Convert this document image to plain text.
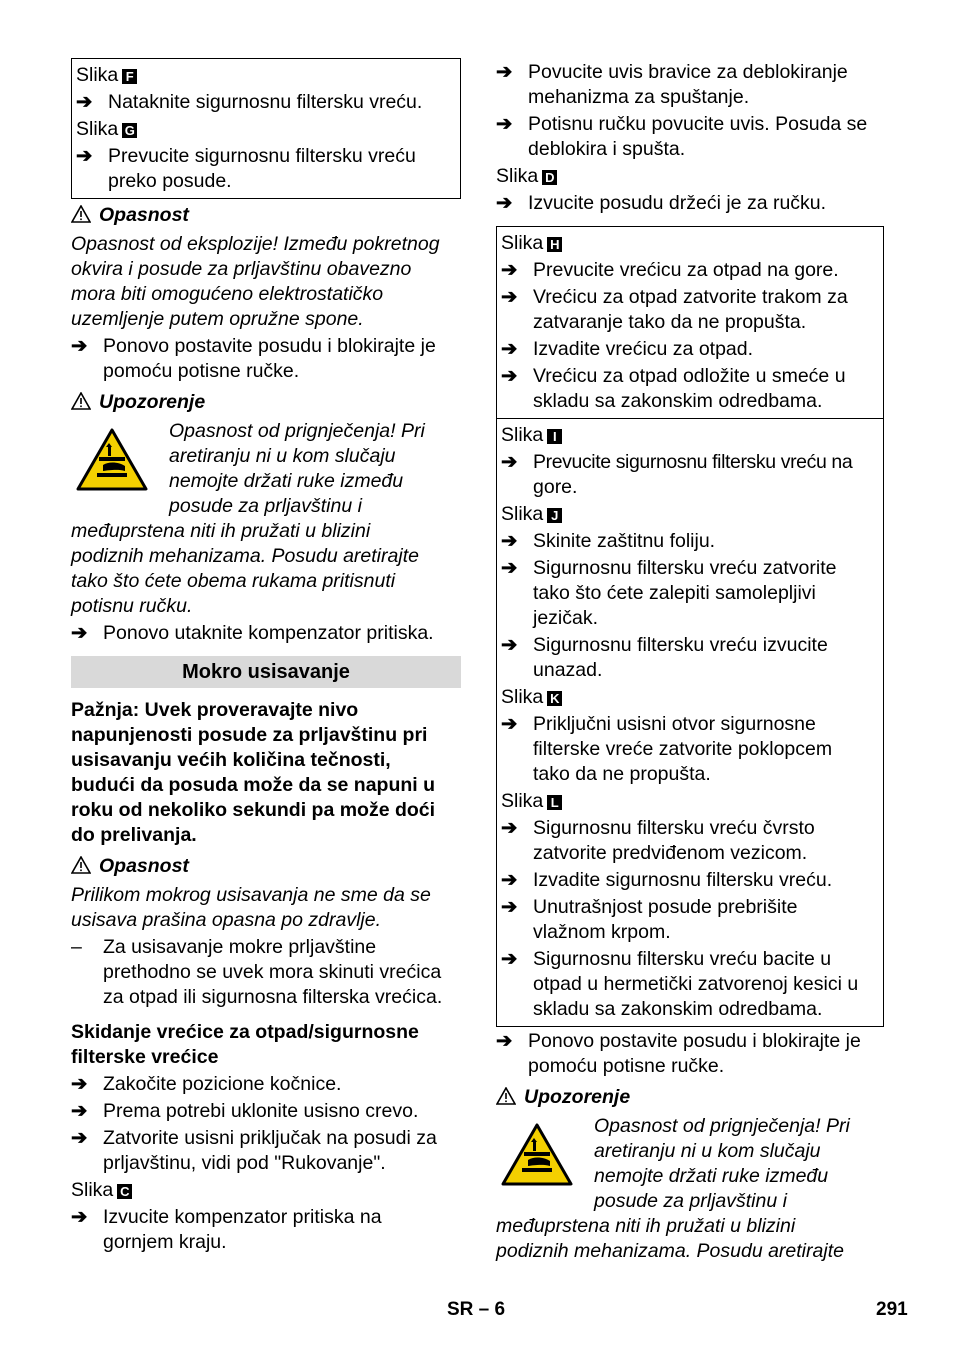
Slika F
➔ Nataknite sigurnosnu filtersku vreću.
Slika G
➔ Prevucite sigurnosnu filtersku vreću
preko posude.
Opasnost
Opasnost od eksplozije! Između pokretnog
okvira i posude za prljavštinu obavezno
mora biti omogućeno elektrostatičko
uzemljenje putem opružne spone.
➔ Ponovo postavite posudu i blokirajte je
pomoću potisne ručke.
Upozorenje
Opasnost od prignječenja! Pri
aretiranju ni u kom slučaju
nemojte držati ruke između
posude za prljavštinu i
međuprstena niti ih pružati u blizini
podiznih mehanizama. Posudu aretirajte
tako što ćete obema rukama pritisnuti
potisnu ručku.
➔ Ponovo utaknite kompenzator pritiska.
Mokro usisavanje
Pažnja: Uvek proveravajte nivo
napunjenosti posude za prljavštinu pri
usisavanju većih količina tečnosti,
budući da posuda može da se napuni u
roku od nekoliko sekundi pa može doći
do prelivanja.
Opasnost
Prilikom mokrog usisavanja ne sme da se
usisava prašina opasna po zdravlje.
– Za usisavanje mokre prljavštine
prethodno se uvek mora skinuti vrećica
za otpad ili sigurnosna filterska vrećica.
Skidanje vrećice za otpad/sigurnosne
filterske vrećice
➔ Zakočite pozicione kočnice.
➔ Prema potrebi uklonite usisno crevo.
➔ Zatvorite usisni priključak na posudi za
prljavštinu, vidi pod "Rukovanje".
Slika C
➔ Izvucite kompenzator pritiska na
gornjem kraju.
➔ Povucite uvis bravice za deblokiranje
mehanizma za spuštanje.
➔ Potisnu ručku povucite uvis. Posuda se
deblokira i spušta.
Slika D
➔ Izvucite posudu držeći je za ručku.
Slika H
➔ Prevucite vrećicu za otpad na gore.
➔ Vrećicu za otpad zatvorite trakom za
zatvaranje tako da ne propušta.
➔ Izvadite vrećicu za otpad.
➔ Vrećicu za otpad odložite u smeće u
skladu sa zakonskim odredbama.
Slika I
➔ Prevucite sigurnosnu filtersku vreću na
gore.
Slika J
➔ Skinite zaštitnu foliju.
➔ Sigurnosnu filtersku vreću zatvorite
tako što ćete zalepiti samolepljivi
jezičak.
➔ Sigurnosnu filtersku vreću izvucite
unazad.
Slika K
➔ Priključni usisni otvor sigurnosne
filterske vreće zatvorite poklopcem
tako da ne propušta.
Slika L
➔ Sigurnosnu filtersku vreću čvrsto
zatvorite predviđenom vezicom.
➔ Izvadite sigurnosnu filtersku vreću.
➔ Unutrašnjost posude prebrišite
vlažnom krpom.
➔ Sigurnosnu filtersku vreću bacite u
otpad u hermetički zatvorenoj kesici u
skladu sa zakonskim odredbama.
➔ Ponovo postavite posudu i blokirajte je
pomoću potisne ručke.
Upozorenje
Opasnost od prignječenja! Pri
aretiranju ni u kom slučaju
nemojte držati ruke između
posude za prljavštinu i
međuprstena niti ih pružati u blizini
podiznih mehanizama. Posudu aretirajte
SR – 6	291
